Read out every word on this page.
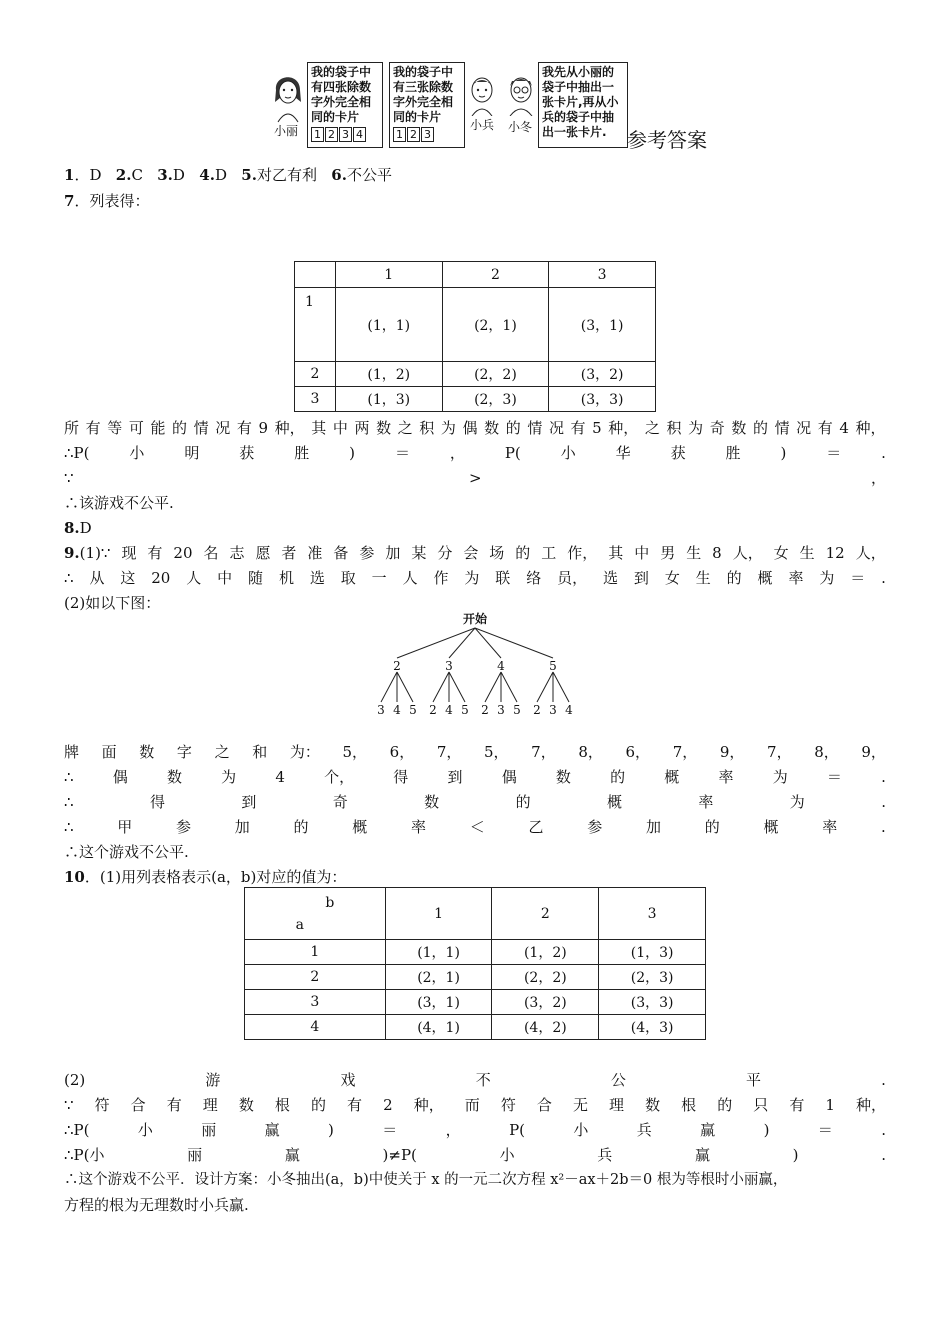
小丽
我的袋子中有四张除数字外完全相同的卡片
1 2 3 4
我的袋子中有三张除数字外完全相同的卡片
1 2 3
小兵 小冬
我先从小丽的袋子中抽出一张卡片,再从小兵的袋子中抽出一张卡片.	参考答案
1．D 2.C 3.D 4.D 5.对乙有利 6.不公平
7．列表得：
	1	2	3
1	(1，1)	(2，1)	(3，1)
2	(1，2)	(2，2)	(3，2)
3	(1，3)	(2，3)	(3，3)
所 有 等 可 能 的 情 况 有 9 种， 其 中 两 数 之 积 为 偶 数 的 情 况 有 5 种， 之 积 为 奇 数 的 情 况 有 4 种，
∴P(	小	明	获	胜	)	＝	，	P(	小	华	获	胜	)	＝	.
∵	>	，
∴该游戏不公平.
8.D
9.(1)∵ 现 有 20 名 志 愿 者 准 备 参 加 某 分 会 场 的 工 作， 其 中 男 生 8 人， 女 生 12 人，
∴ 从 这 20 人 中 随 机 选 取 一 人 作 为 联 络 员， 选 到 女 生 的 概 率 为 ＝ .
(2)如以下图：
开始
2	3	4	5
3 4 5 2 4 5 2 3 5 2 3 4
牌 面 数 字 之 和 为： 5， 6， 7， 5， 7， 8， 6， 7， 9， 7， 8， 9，
∴	偶	数	为	4	个，	得	到	偶	数	的	概	率	为	＝	.
∴	得	到	奇	数	的	概	率	为	.
∴	甲	参	加	的	概	率	＜	乙	参	加	的	概	率	.
∴这个游戏不公平.
10．(1)用列表格表示(a，b)对应的值为：
b
a	1	2	3
1	(1，1)	(1，2)	(1，3)
2	(2，1)	(2，2)	(2，3)
3	(3，1)	(3，2)	(3，3)
4	(4，1)	(4，2)	(4，3)
(2)	游	戏	不	公	平	.
∵ 符 合 有 理 数 根 的 有 2 种， 而 符 合 无 理 数 根 的 只 有 1 种，
∴P(	小	丽	赢	)	＝	，	P(	小	兵	赢	)	＝	.
∴P(小	丽	赢	)≠P(	小	兵	赢	)	.
∴这个游戏不公平．设计方案：小冬抽出(a，b)中使关于 x 的一元二次方程 x²－ax＋2b＝0 根为等根时小丽赢，
方程的根为无理数时小兵赢.
